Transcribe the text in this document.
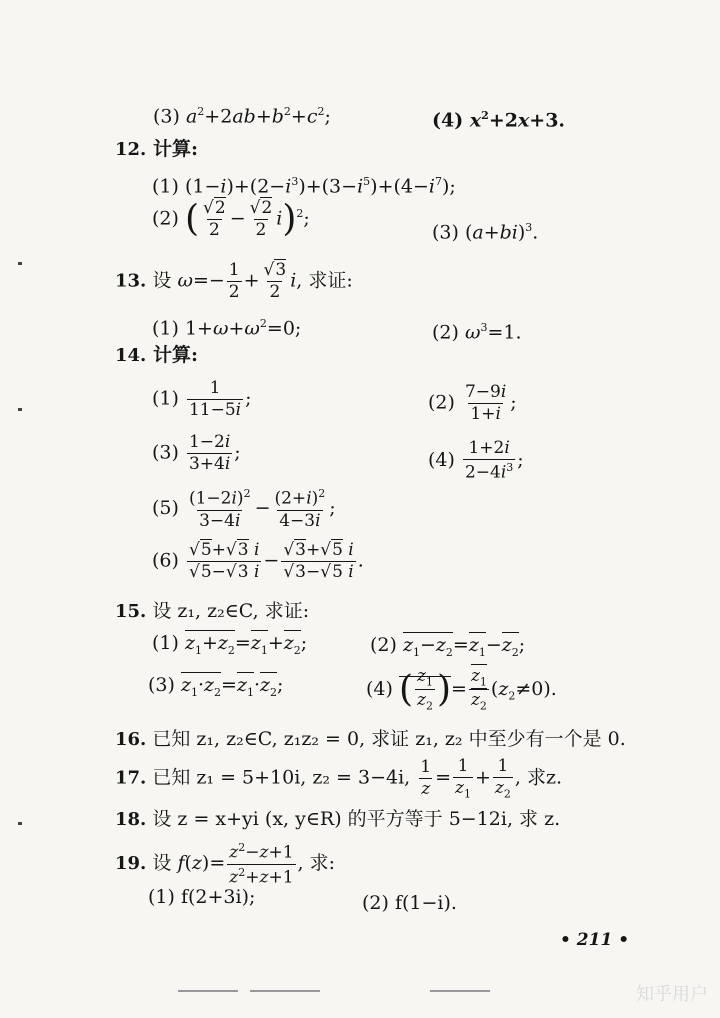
(3) $a^2+2ab+b^2+c^2$;	(4) $x^2+2x+3$.
12. 计算:
(1) $(1-i)+(2-i^3)+(3-i^5)+(4-i^7)$;
(2) ( $\frac{√2}{2} - \frac{√2}{2} i)^2$;
(3) $(a+bi)^3$.
13. 设 $\omega=- \frac{1}{2} + \frac{√3}{2} i$, 求证:
(1) $1+\omega+\omega^2=0$;	(2) $\omega^3=1$.
14. 计算:
$(1) \frac{1}{11-5i}$ ;	$(2) \frac{7-9i}{1+i}$ ;
$(3) \frac{1-2i}{3+4i}$ ;	$(4) \frac{1+2i}{2-4i^3}$ ;
$(5) \frac{(1-2i)^2}{3-4i} - \frac{(2+i)^2}{4-3i}$ ;
$(6) \frac{√5+√3 i}{√5-√3 i} - \frac{√3+√5 i}{√3-√5 i}$ .
15. 设 z₁, z₂∈C, 求证:
(1) $z_1+z_2=z_1+z_2$;	(2) $z_1-z_2=z_1-z_2$;
(3) $z_1\cdot z_2=z_1\cdot z_2$;	(4) ( $\frac{z_1}{z_2}$ )= $\frac{z_1}{z_2} (z_2\ne 0)$.
16. 已知 z₁, z₂∈C, z₁z₂ = 0, 求证 z₁, z₂ 中至少有一个是 0.
17. 已知 z₁ = 5+10i, z₂ = 3−4i, $\frac{1}{z} = \frac{1}{z_1} + \frac{1}{z_2}$ , 求z.
18. 设 z = x+yi (x, y∈R) 的平方等于 5−12i, 求 z.
19. 设 $f(z)= \frac{z^2-z+1}{z^2+z+1}$ , 求:
(1) f(2+3i);	(2) f(1−i).
• 211 •
知乎用户
